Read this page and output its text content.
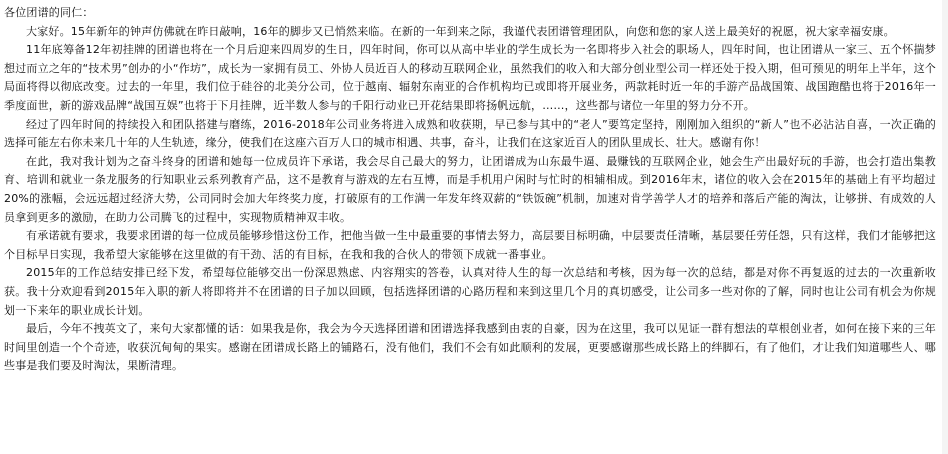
各位团谱的同仁：

大家好。15年新年的钟声仿佛就在昨日敲响，16年的脚步又已悄然来临。在新的一年到来之际，我谨代表团谱管理团队，向您和您的家人送上最美好的祝愿，祝大家幸福安康。

11年底筹备12年初挂牌的团谱也将在一个月后迎来四周岁的生日，四年时间，你可以从高中毕业的学生成长为一名即将步入社会的职场人，四年时间，也让团谱从一家三、五个怀揣梦想过而立之年的“技术男”创办的小“作坊”，成长为一家拥有员工、外协人员近百人的移动互联网企业，虽然我们的收入和大部分创业型公司一样还处于投入期，但可预见的明年上半年，这个局面将得以彻底改变。过去的一年里，我们位于硅谷的北美分公司，位于越南、辐射东南亚的合作机构均已或即将开展业务，两款耗时近一年的手游产品战国策、战国跑酷也将于2016年一季度面世，新的游戏品牌“战国互娱”也将于下月挂牌，近半数人参与的千阳行动业已开花结果即将扬帆远航，……，这些都与诸位一年里的努力分不开。

经过了四年时间的持续投入和团队搭建与磨练，2016-2018年公司业务将进入成熟和收获期，早已参与其中的“老人”要笃定坚持，刚刚加入组织的“新人”也不必沾沾自喜，一次正确的选择可能左右你未来几十年的人生轨迹，缘分，使我们在这座六百万人口的城市相遇、共事，奋斗，让我们在这家近百人的团队里成长、壮大。感谢有你！

在此，我对我计划为之奋斗终身的团谱和她每一位成员许下承诺，我会尽自己最大的努力，让团谱成为山东最牛逼、最赚钱的互联网企业，她会生产出最好玩的手游，也会打造出集教育、培训和就业一条龙服务的行知职业云系列教育产品，这不是教育与游戏的左右互博，而是手机用户闲时与忙时的相辅相成。到2016年末，诸位的收入会在2015年的基础上有平均超过20%的涨幅，会远远超过经济大势，公司同时会加大年终奖力度，打破原有的工作满一年发年终双薪的“铁饭碗”机制，加速对肯学善学人才的培养和落后产能的淘汰，让够拼、有成效的人员拿到更多的激励，在助力公司腾飞的过程中，实现物质精神双丰收。

有承诺就有要求，我要求团谱的每一位成员能够珍惜这份工作，把他当做一生中最重要的事情去努力，高层要目标明确，中层要责任清晰，基层要任劳任怨，只有这样，我们才能够把这个目标早日实现，我希望大家能够在这里做的有干劲、活的有目标，在我和我的合伙人的带领下成就一番事业。

2015年的工作总结安排已经下发，希望每位能够交出一份深思熟虑、内容翔实的答卷，认真对待人生的每一次总结和考核，因为每一次的总结，都是对你不再复返的过去的一次重新收获。我十分欢迎看到2015年入职的新人将即将并不在团谱的日子加以回顾，包括选择团谱的心路历程和来到这里几个月的真切感受，让公司多一些对你的了解，同时也让公司有机会为你规划一下来年的职业成长计划。

最后，今年不拽英文了，来句大家都懂的话：如果我是你，我会为今天选择团谱和团谱选择我感到由衷的自豪，因为在这里，我可以见证一群有想法的草根创业者，如何在接下来的三年时间里创造一个个奇迹，收获沉甸甸的果实。感谢在团谱成长路上的铺路石，没有他们，我们不会有如此顺利的发展，更要感谢那些成长路上的绊脚石，有了他们，才让我们知道哪些人、哪些事是我们要及时淘汰，果断清理。
